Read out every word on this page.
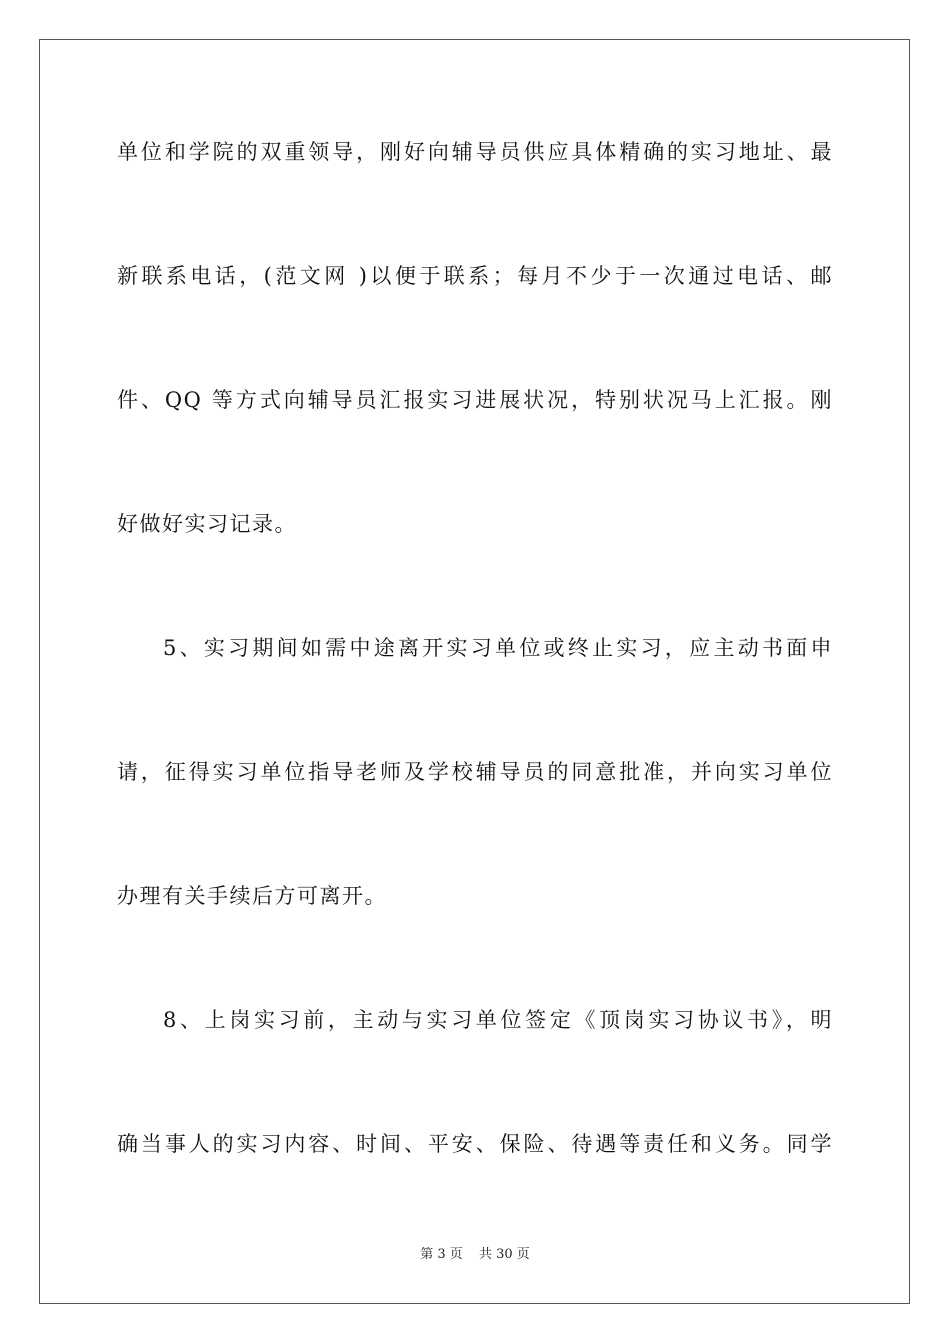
单位和学院的双重领导，刚好向辅导员供应具体精确的实习地址、最
新联系电话，(范文网 )以便于联系；每月不少于一次通过电话、邮
件、QQ 等方式向辅导员汇报实习进展状况，特别状况马上汇报。刚
好做好实习记录。
5、实习期间如需中途离开实习单位或终止实习，应主动书面申
请，征得实习单位指导老师及学校辅导员的同意批准，并向实习单位
办理有关手续后方可离开。
8、上岗实习前，主动与实习单位签定《顶岗实习协议书》，明
确当事人的实习内容、时间、平安、保险、待遇等责任和义务。同学
第 3 页 共 30 页
